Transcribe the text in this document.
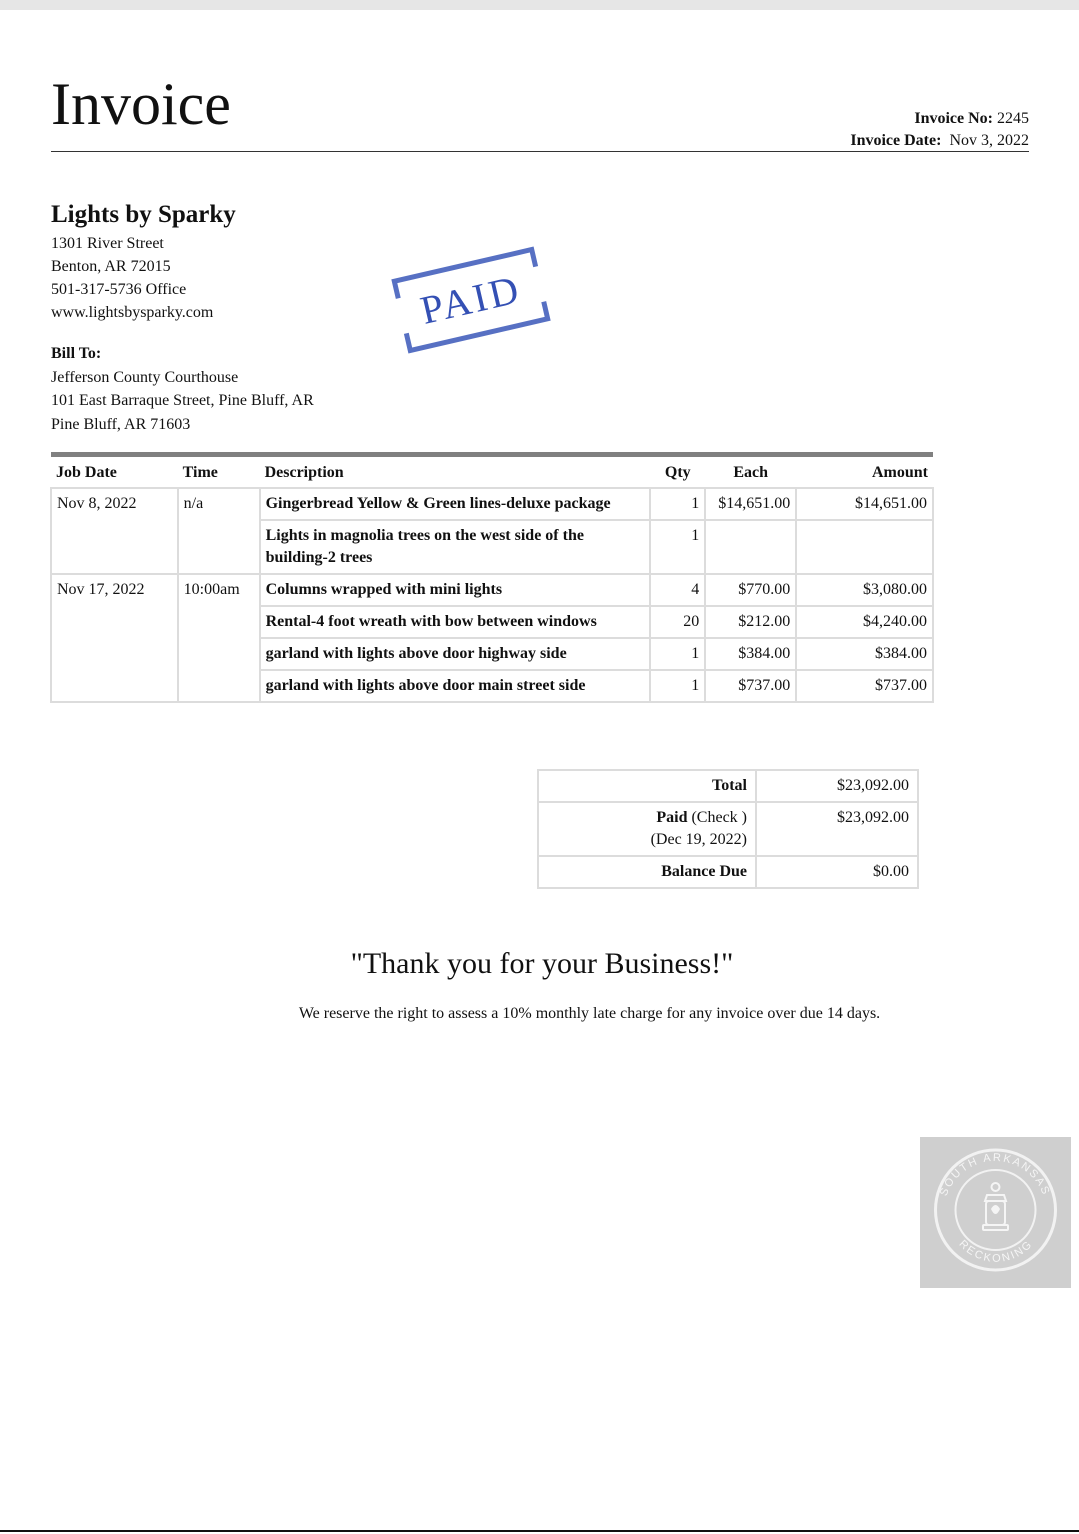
Invoice	Invoice No: 2245
Invoice Date: Nov 3, 2022
Lights by Sparky
1301 River Street
Benton, AR 72015
501-317-5736 Office
www.lightsbysparky.com	PAID
Bill To:
Jefferson County Courthouse
101 East Barraque Street, Pine Bluff, AR
Pine Bluff, AR 71603
Job Date	Time	Description	Qty	Each	Amount
Nov 8, 2022	n/a	Gingerbread Yellow & Green lines-deluxe package	1	$14,651.00	$14,651.00
		Lights in magnolia trees on the west side of the building-2 trees	1		
Nov 17, 2022	10:00am	Columns wrapped with mini lights	4	$770.00	$3,080.00
		Rental-4 foot wreath with bow between windows	20	$212.00	$4,240.00
		garland with lights above door highway side	1	$384.00	$384.00
		garland with lights above door main street side	1	$737.00	$737.00
Total	$23,092.00

Paid (Check )
(Dec 19, 2022)	$23,092.00
Balance Due	$0.00
"Thank you for your Business!"
We reserve the right to assess a 10% monthly late charge for any invoice over due 14 days.
SOUTH ARKANSAS
RECKONING
